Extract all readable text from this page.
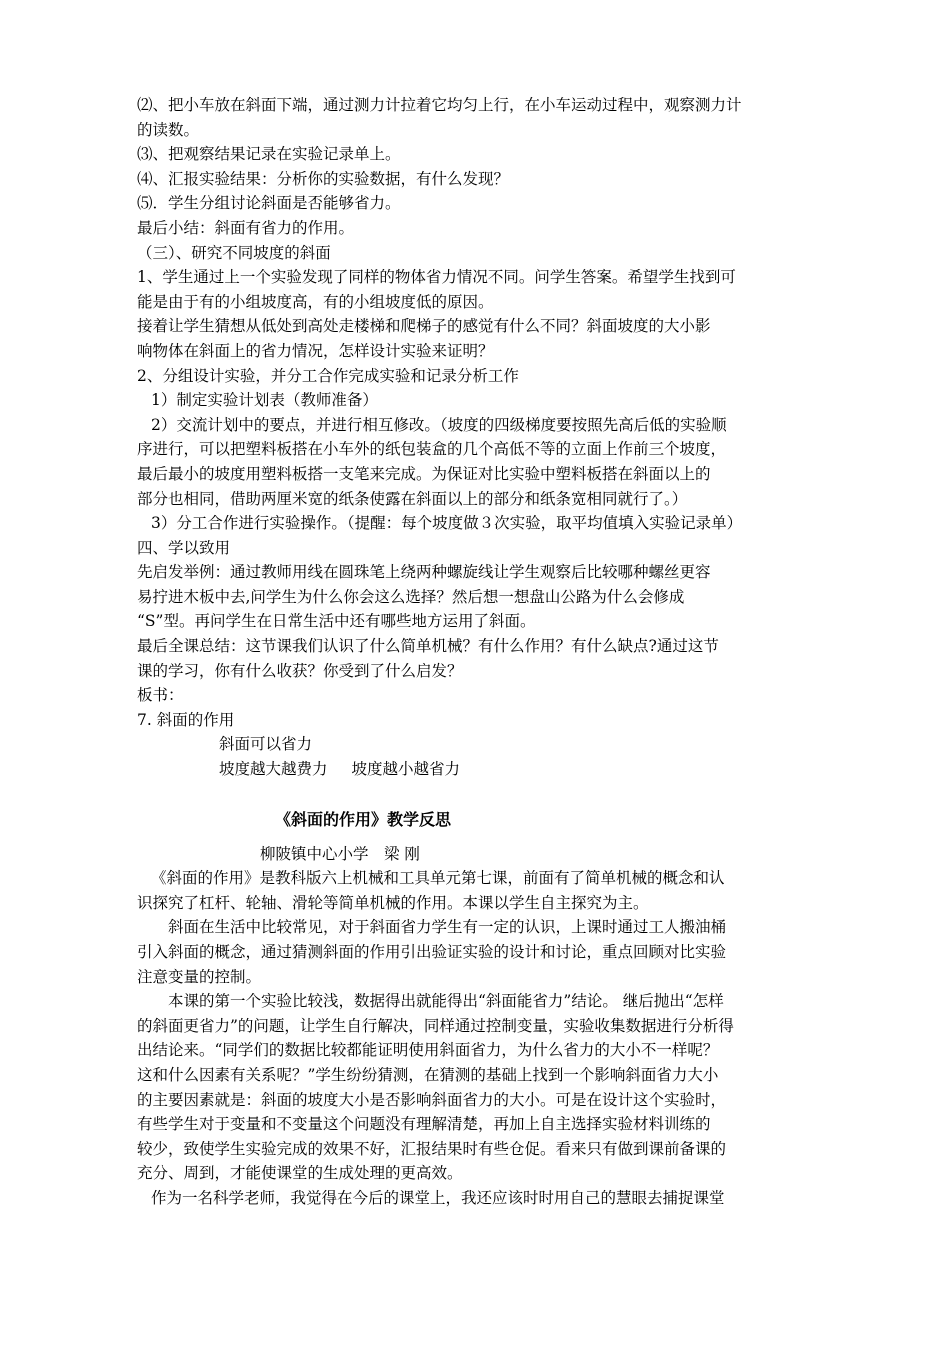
⑵、把小车放在斜面下端，通过测力计拉着它均匀上行，在小车运动过程中，观察测力计
的读数。
⑶、把观察结果记录在实验记录单上。
⑷、汇报实验结果：分析你的实验数据，有什么发现？
⑸．学生分组讨论斜面是否能够省力。
最后小结：斜面有省力的作用。
（三）、研究不同坡度的斜面
1、学生通过上一个实验发现了同样的物体省力情况不同。问学生答案。希望学生找到可
能是由于有的小组坡度高，有的小组坡度低的原因。
接着让学生猜想从低处到高处走楼梯和爬梯子的感觉有什么不同？斜面坡度的大小影
响物体在斜面上的省力情况，怎样设计实验来证明？
2、分组设计实验，并分工合作完成实验和记录分析工作
1）制定实验计划表（教师准备）
2）交流计划中的要点，并进行相互修改。（坡度的四级梯度要按照先高后低的实验顺
序进行，可以把塑料板搭在小车外的纸包装盒的几个高低不等的立面上作前三个坡度，
最后最小的坡度用塑料板搭一支笔来完成。为保证对比实验中塑料板搭在斜面以上的
部分也相同，借助两厘米宽的纸条使露在斜面以上的部分和纸条宽相同就行了。）
3）分工合作进行实验操作。（提醒：每个坡度做３次实验，取平均值填入实验记录单）
四、学以致用
先启发举例：通过教师用线在圆珠笔上绕两种螺旋线让学生观察后比较哪种螺丝更容
易拧进木板中去,问学生为什么你会这么选择？然后想一想盘山公路为什么会修成
“S”型。再问学生在日常生活中还有哪些地方运用了斜面。
最后全课总结：这节课我们认识了什么简单机械？有什么作用？有什么缺点?通过这节
课的学习，你有什么收获？你受到了什么启发？
板书：
7. 斜面的作用
斜面可以省力
坡度越大越费力 坡度越小越省力
《斜面的作用》教学反思
柳陂镇中心小学　梁 刚
《斜面的作用》是教科版六上机械和工具单元第七课，前面有了简单机械的概念和认
识探究了杠杆、轮轴、滑轮等简单机械的作用。本课以学生自主探究为主。
斜面在生活中比较常见，对于斜面省力学生有一定的认识，上课时通过工人搬油桶
引入斜面的概念，通过猜测斜面的作用引出验证实验的设计和讨论，重点回顾对比实验
注意变量的控制。
本课的第一个实验比较浅，数据得出就能得出“斜面能省力”结论。 继后抛出“怎样
的斜面更省力”的问题，让学生自行解决，同样通过控制变量，实验收集数据进行分析得
出结论来。“同学们的数据比较都能证明使用斜面省力，为什么省力的大小不一样呢？
这和什么因素有关系呢？”学生纷纷猜测，在猜测的基础上找到一个影响斜面省力大小
的主要因素就是：斜面的坡度大小是否影响斜面省力的大小。可是在设计这个实验时，
有些学生对于变量和不变量这个问题没有理解清楚，再加上自主选择实验材料训练的
较少，致使学生实验完成的效果不好，汇报结果时有些仓促。看来只有做到课前备课的
充分、周到，才能使课堂的生成处理的更高效。
作为一名科学老师，我觉得在今后的课堂上，我还应该时时用自己的慧眼去捕捉课堂
